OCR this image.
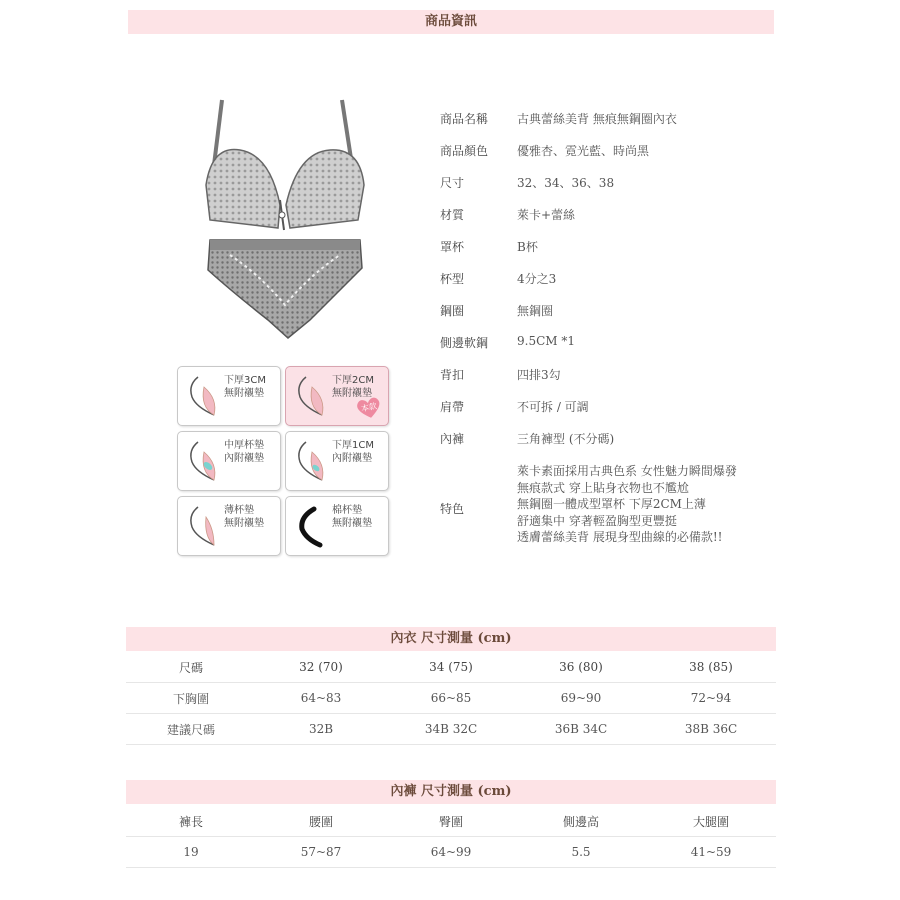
商品資訊
下厚3CM
無附襯墊
下厚2CM
無附襯墊
本款
中厚杯墊
內附襯墊
下厚1CM
內附襯墊
薄杯墊
無附襯墊
棉杯墊
無附襯墊
商品名稱	古典蕾絲美背 無痕無鋼圈內衣
商品顏色	優雅杏、霓光藍、時尚黑
尺寸	32、34、36、38
材質	萊卡+蕾絲
罩杯	B杯
杯型	4分之3
鋼圈	無鋼圈
側邊軟鋼	9.5CM *1
背扣	四排3勾
肩帶	不可拆 / 可調
內褲	三角褲型 (不分碼)
特色
萊卡素面採用古典色系 女性魅力瞬間爆發
無痕款式 穿上貼身衣物也不尷尬
無鋼圈一體成型罩杯 下厚2CM上薄
舒適集中 穿著輕盈胸型更豐挺
透膚蕾絲美背 展現身型曲線的必備款!!
內衣 尺寸測量 (cm)
尺碼	32 (70)	34 (75)	36 (80)	38 (85)
下胸圍	64~83	66~85	69~90	72~94
建議尺碼	32B	34B 32C	36B 34C	38B 36C
內褲 尺寸測量 (cm)
褲長	腰圍	臀圍	側邊高	大腿圍
19	57~87	64~99	5.5	41~59
